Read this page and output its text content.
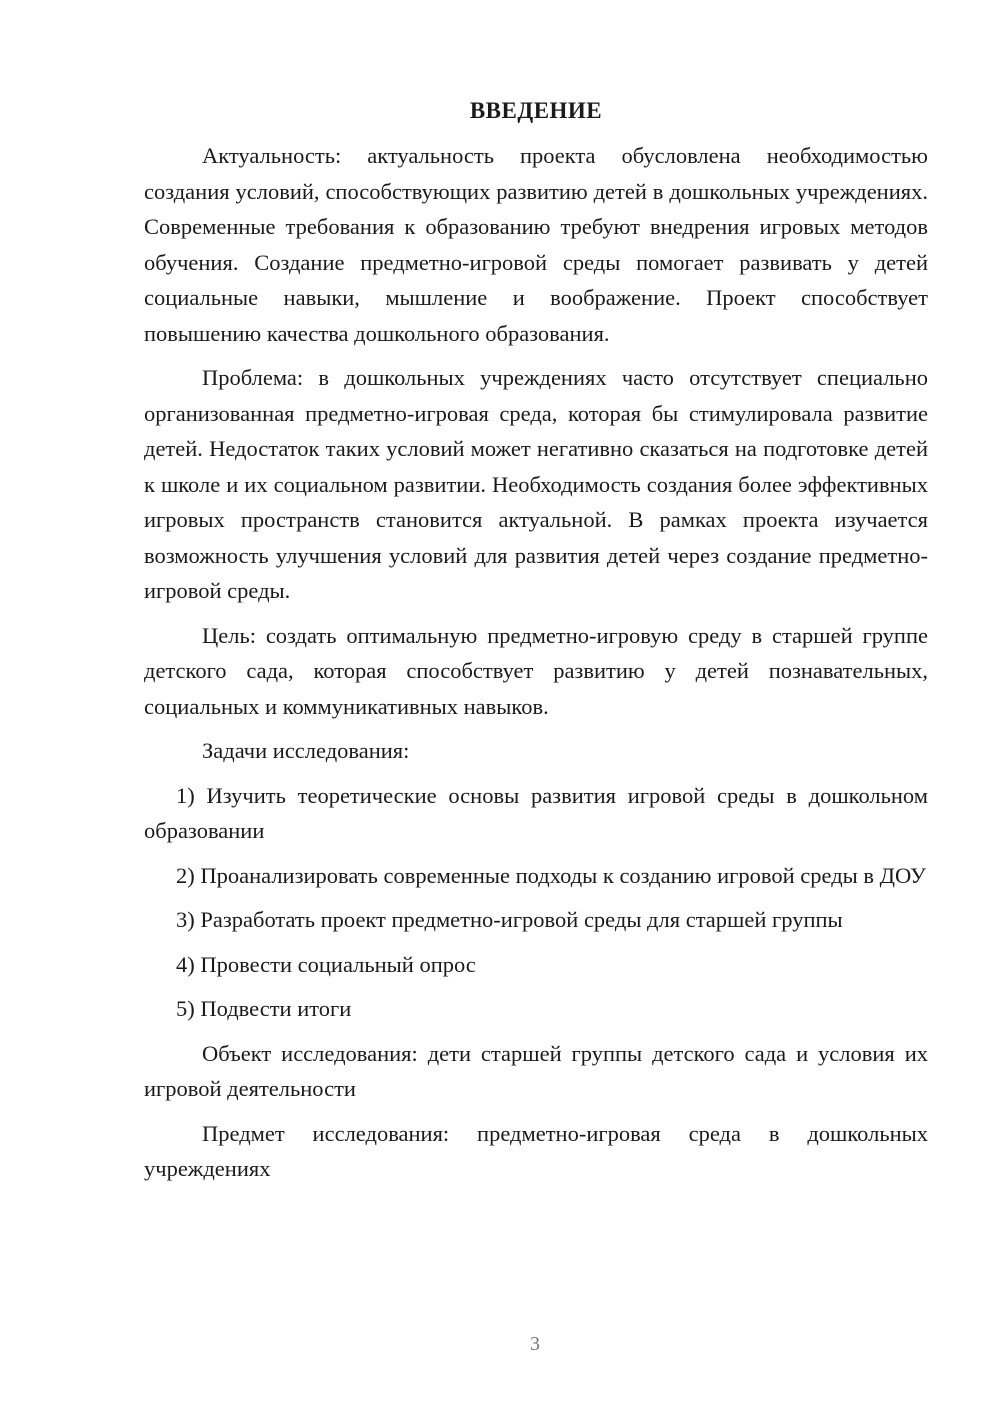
ВВЕДЕНИЕ

Актуальность: актуальность проекта обусловлена необходимостью создания условий, способствующих развитию детей в дошкольных учреждениях. Современные требования к образованию требуют внедрения игровых методов обучения. Создание предметно-игровой среды помогает развивать у детей социальные навыки, мышление и воображение. Проект способствует повышению качества дошкольного образования.

Проблема: в дошкольных учреждениях часто отсутствует специально организованная предметно-игровая среда, которая бы стимулировала развитие детей. Недостаток таких условий может негативно сказаться на подготовке детей к школе и их социальном развитии. Необходимость создания более эффективных игровых пространств становится актуальной. В рамках проекта изучается возможность улучшения условий для развития детей через создание предметно-игровой среды.

Цель: создать оптимальную предметно-игровую среду в старшей группе детского сада, которая способствует развитию у детей познавательных, социальных и коммуникативных навыков.

Задачи исследования:

1) Изучить теоретические основы развития игровой среды в дошкольном образовании

2) Проанализировать современные подходы к созданию игровой среды в ДОУ

3) Разработать проект предметно-игровой среды для старшей группы

4) Провести социальный опрос

5) Подвести итоги

Объект исследования: дети старшей группы детского сада и условия их игровой деятельности

Предмет исследования: предметно-игровая среда в дошкольных учреждениях

3
